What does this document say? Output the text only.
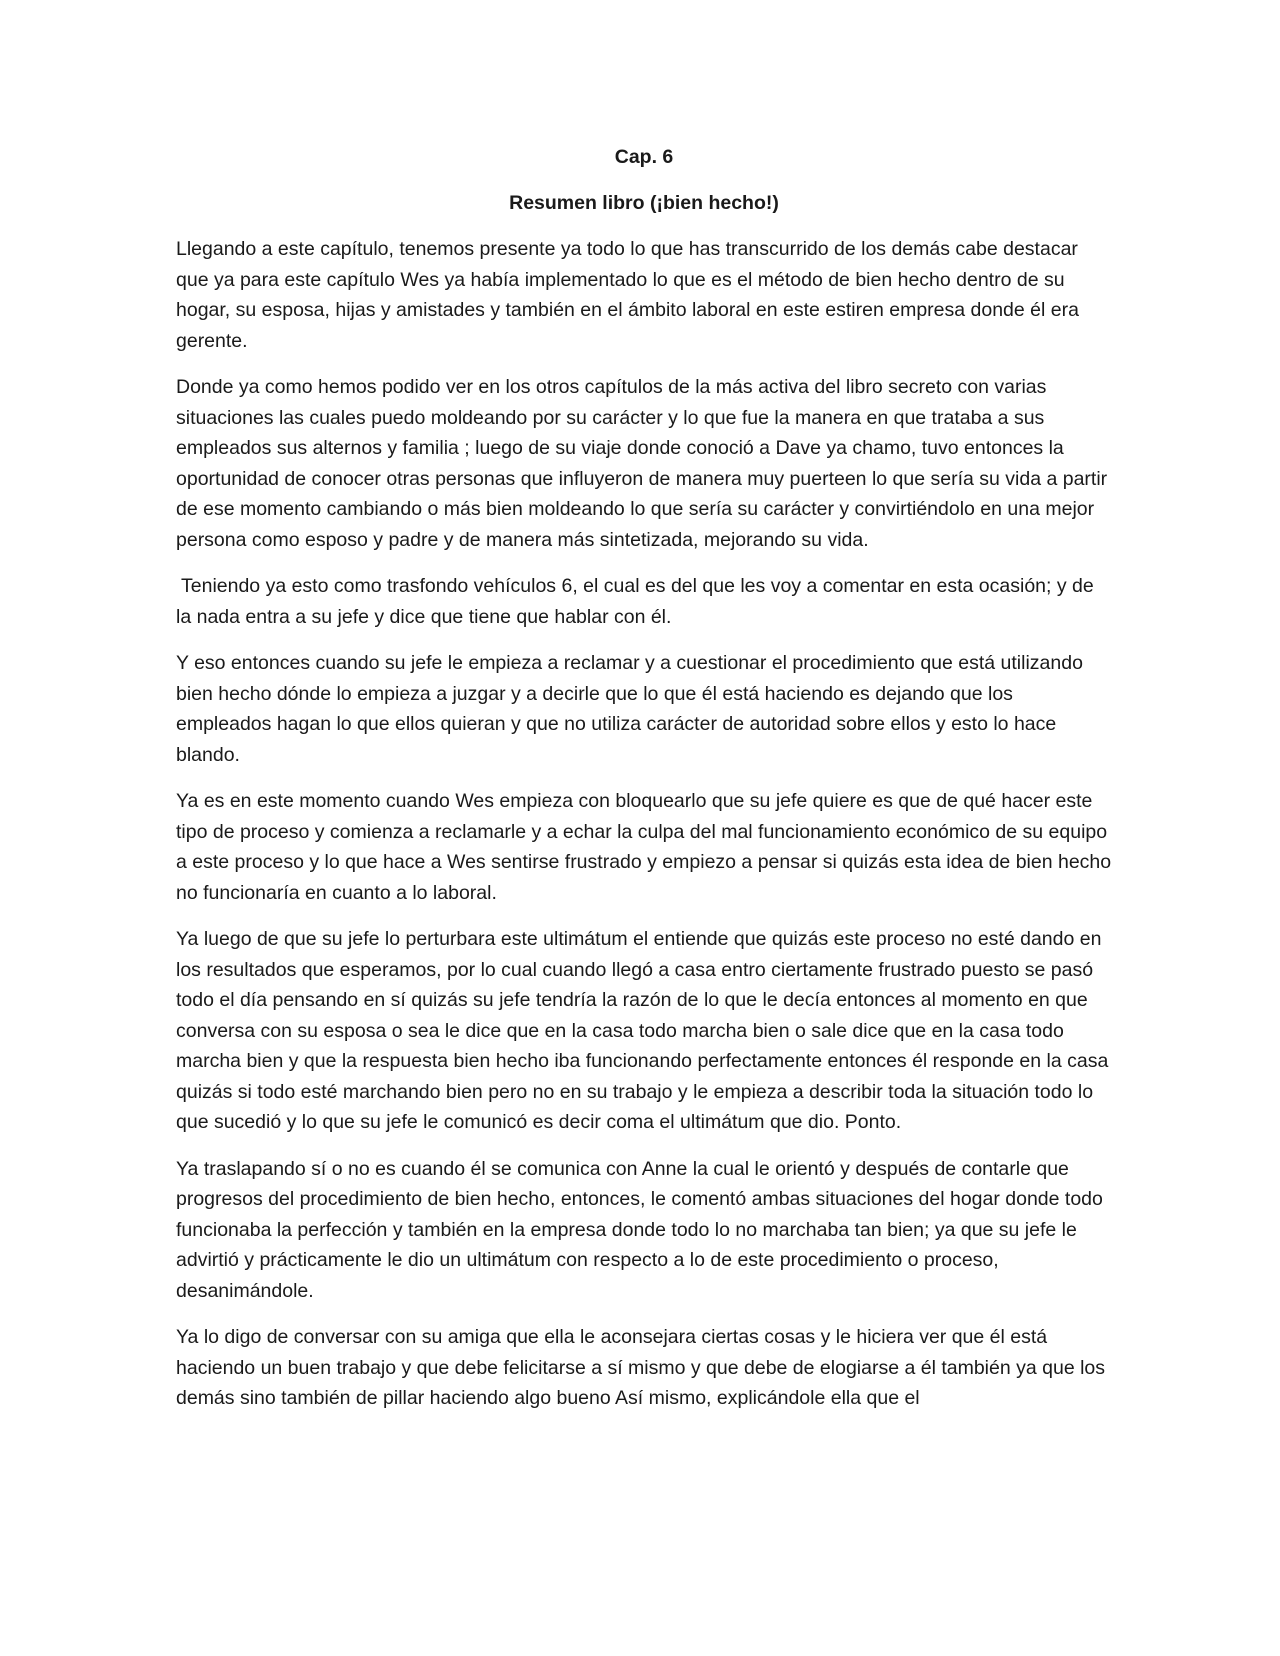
Cap. 6
Resumen libro (¡bien hecho!)

Llegando a este capítulo, tenemos presente ya todo lo que has transcurrido de los demás cabe destacar que ya para este capítulo Wes ya había implementado lo que es el método de bien hecho dentro de su hogar, su esposa, hijas y amistades y también en el ámbito laboral en este estiren empresa donde él era gerente.

Donde ya como hemos podido ver en los otros capítulos de la más activa del libro secreto con varias situaciones las cuales puedo moldeando por su carácter y lo que fue la manera en que trataba a sus empleados sus alternos y familia ; luego de su viaje donde conoció a Dave ya chamo, tuvo entonces la oportunidad de conocer otras personas que influyeron de manera muy puerteen lo que sería su vida a partir de ese momento cambiando o más bien moldeando lo que sería su carácter y convirtiéndolo en una mejor persona como esposo y padre y de manera más sintetizada, mejorando su vida.

Teniendo ya esto como trasfondo vehículos 6, el cual es del que les voy a comentar en esta ocasión; y de la nada entra a su jefe y dice que tiene que hablar con él.

Y eso entonces cuando su jefe le empieza a reclamar y a cuestionar el procedimiento que está utilizando bien hecho dónde lo empieza a juzgar y a decirle que lo que él está haciendo es dejando que los empleados hagan lo que ellos quieran y que no utiliza carácter de autoridad sobre ellos y esto lo hace blando.

Ya es en este momento cuando Wes empieza con bloquearlo que su jefe quiere es que de qué hacer este tipo de proceso y comienza a reclamarle y a echar la culpa del mal funcionamiento económico de su equipo a este proceso y lo que hace a Wes sentirse frustrado y empiezo a pensar si quizás esta idea de bien hecho no funcionaría en cuanto a lo laboral.

Ya luego de que su jefe lo perturbara este ultimátum el entiende que quizás este proceso no esté dando en los resultados que esperamos, por lo cual cuando llegó a casa entro ciertamente frustrado puesto se pasó todo el día pensando en sí quizás su jefe tendría la razón de lo que le decía entonces al momento en que conversa con su esposa o sea le dice que en la casa todo marcha bien o sale dice que en la casa todo marcha bien y que la respuesta bien hecho iba funcionando perfectamente entonces él responde en la casa quizás si todo esté marchando bien pero no en su trabajo y le empieza a describir toda la situación todo lo que sucedió y lo que su jefe le comunicó es decir coma el ultimátum que dio. Ponto.

Ya traslapando sí o no es cuando él se comunica con Anne la cual le orientó y después de contarle que progresos del procedimiento de bien hecho, entonces, le comentó ambas situaciones del hogar donde todo funcionaba la perfección y también en la empresa donde todo lo no marchaba tan bien; ya que su jefe le advirtió y prácticamente le dio un ultimátum con respecto a lo de este procedimiento o proceso, desanimándole.

Ya lo digo de conversar con su amiga que ella le aconsejara ciertas cosas y le hiciera ver que él está haciendo un buen trabajo y que debe felicitarse a sí mismo y que debe de elogiarse a él también ya que los demás sino también de pillar haciendo algo bueno Así mismo, explicándole ella que el
